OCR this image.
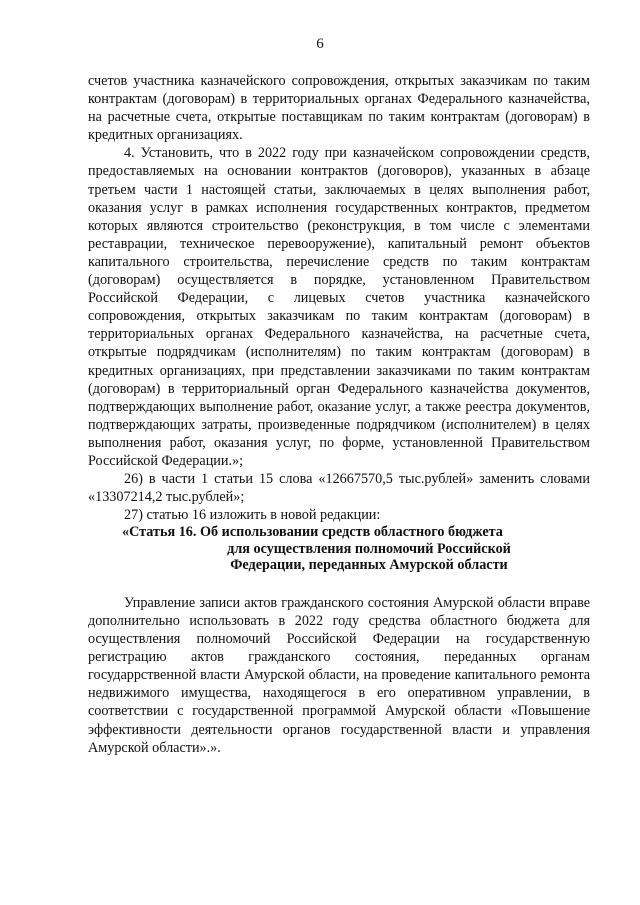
6

счетов участника казначейского сопровождения, открытых заказчикам по таким контрактам (договорам) в территориальных органах Федерального казначейства, на расчетные счета, открытые поставщикам по таким контрактам (договорам) в кредитных организациях.

4. Установить, что в 2022 году при казначейском сопровождении средств, предоставляемых на основании контрактов (договоров), указанных в абзаце третьем части 1 настоящей статьи, заключаемых в целях выполнения работ, оказания услуг в рамках исполнения государственных контрактов, предметом которых являются строительство (реконструкция, в том числе с элементами реставрации, техническое перевооружение), капитальный ремонт объектов капитального строительства, перечисление средств по таким контрактам (договорам) осуществляется в порядке, установленном Правительством Российской Федерации, с лицевых счетов участника казначейского сопровождения, открытых заказчикам по таким контрактам (договорам) в территориальных органах Федерального казначейства, на расчетные счета, открытые подрядчикам (исполнителям) по таким контрактам (договорам) в кредитных организациях, при представлении заказчиками по таким контрактам (договорам) в территориальный орган Федерального казначейства документов, подтверждающих выполнение работ, оказание услуг, а также реестра документов, подтверждающих затраты, произведенные подрядчиком (исполнителем) в целях выполнения работ, оказания услуг, по форме, установленной Правительством Российской Федерации.»;

26) в части 1 статьи 15 слова «12667570,5 тыс.рублей» заменить словами «13307214,2 тыс.рублей»;

27) статью 16 изложить в новой редакции:

«Статья 16. Об использовании средств областного бюджета
для осуществления полномочий Российской
Федерации, переданных Амурской области

Управление записи актов гражданского состояния Амурской области вправе дополнительно использовать в 2022 году средства областного бюджета для осуществления полномочий Российской Федерации на государственную регистрацию актов гражданского состояния, переданных органам государрственной власти Амурской области, на проведение капитального ремонта недвижимого имущества, находящегося в его оперативном управлении, в соответствии с государственной программой Амурской области «Повышение эффективности деятельности органов государственной власти и управления Амурской области».».
